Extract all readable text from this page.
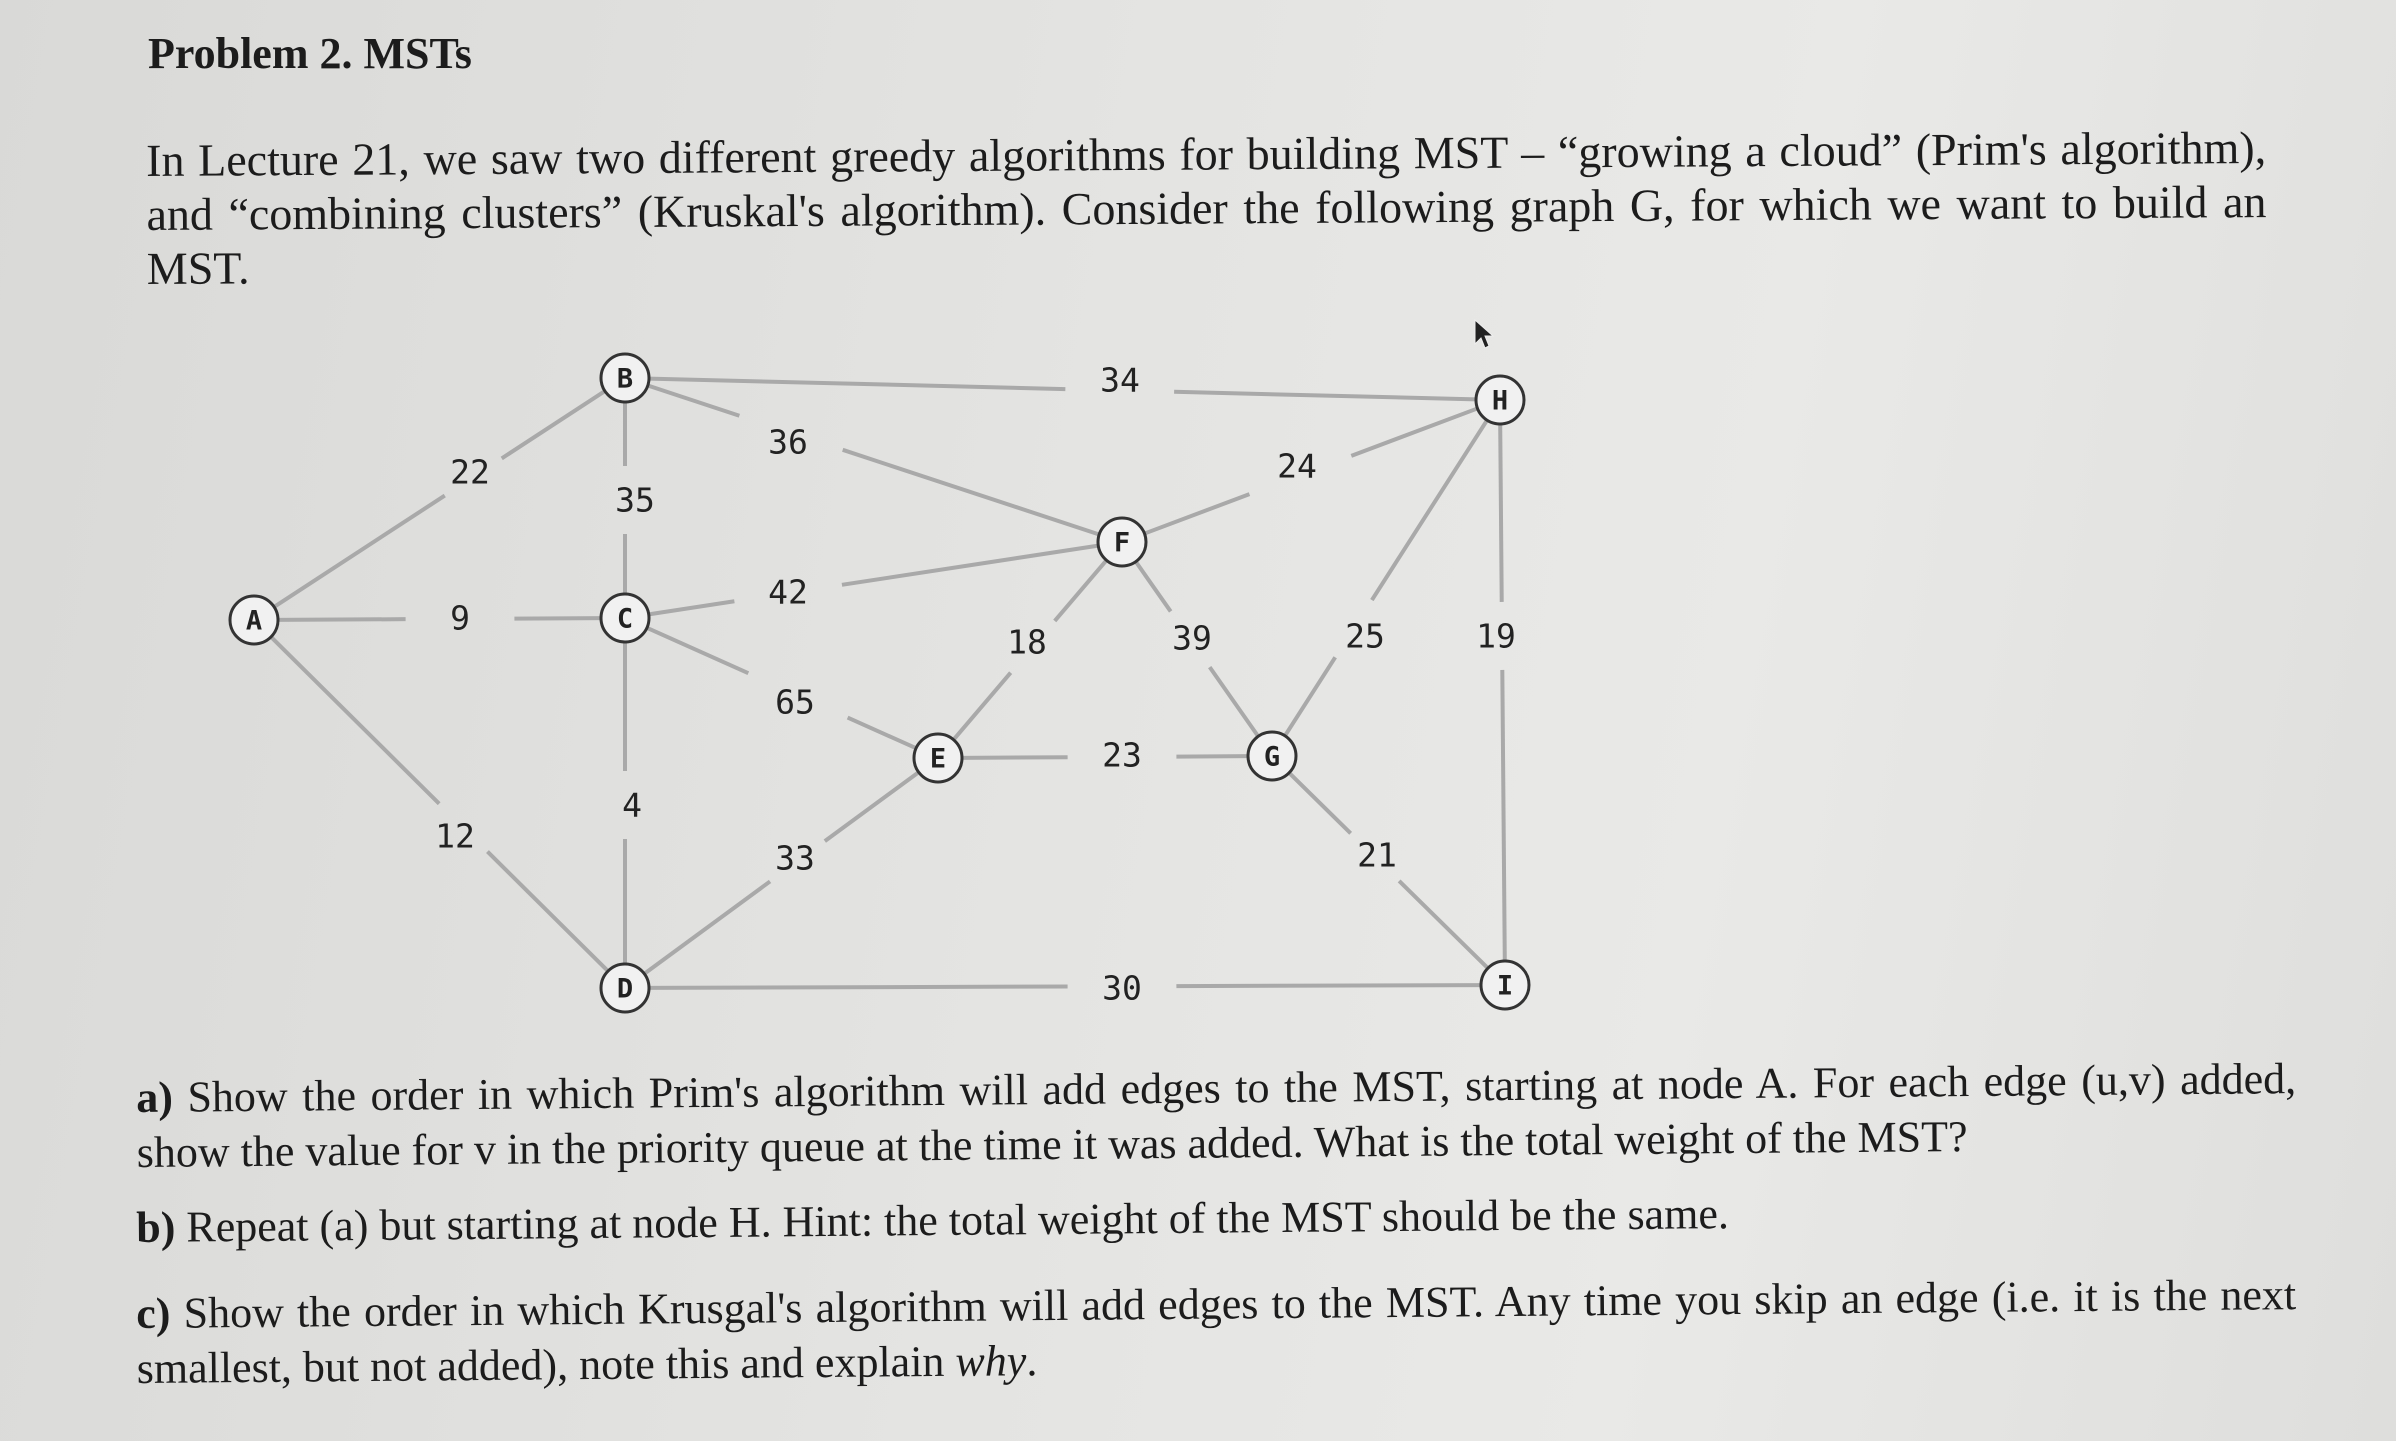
Problem 2. MSTs
In Lecture 21, we saw two different greedy algorithms for building MST – “growing a cloud” (Prim's algorithm), and “combining clusters” (Kruskal's algorithm). Consider the following graph G, for which we want to build an MST.
22
9
12
34
36
35
42
65
4
33
30
18
23
39
24
25
21
19
A
B
C
D
E
F
G
H
I
a) Show the order in which Prim's algorithm will add edges to the MST, starting at node A. For each edge (u,v) added, show the value for v in the priority queue at the time it was added. What is the total weight of the MST?
b) Repeat (a) but starting at node H. Hint: the total weight of the MST should be the same.
c) Show the order in which Krusgal's algorithm will add edges to the MST. Any time you skip an edge (i.e. it is the next smallest, but not added), note this and explain why.
